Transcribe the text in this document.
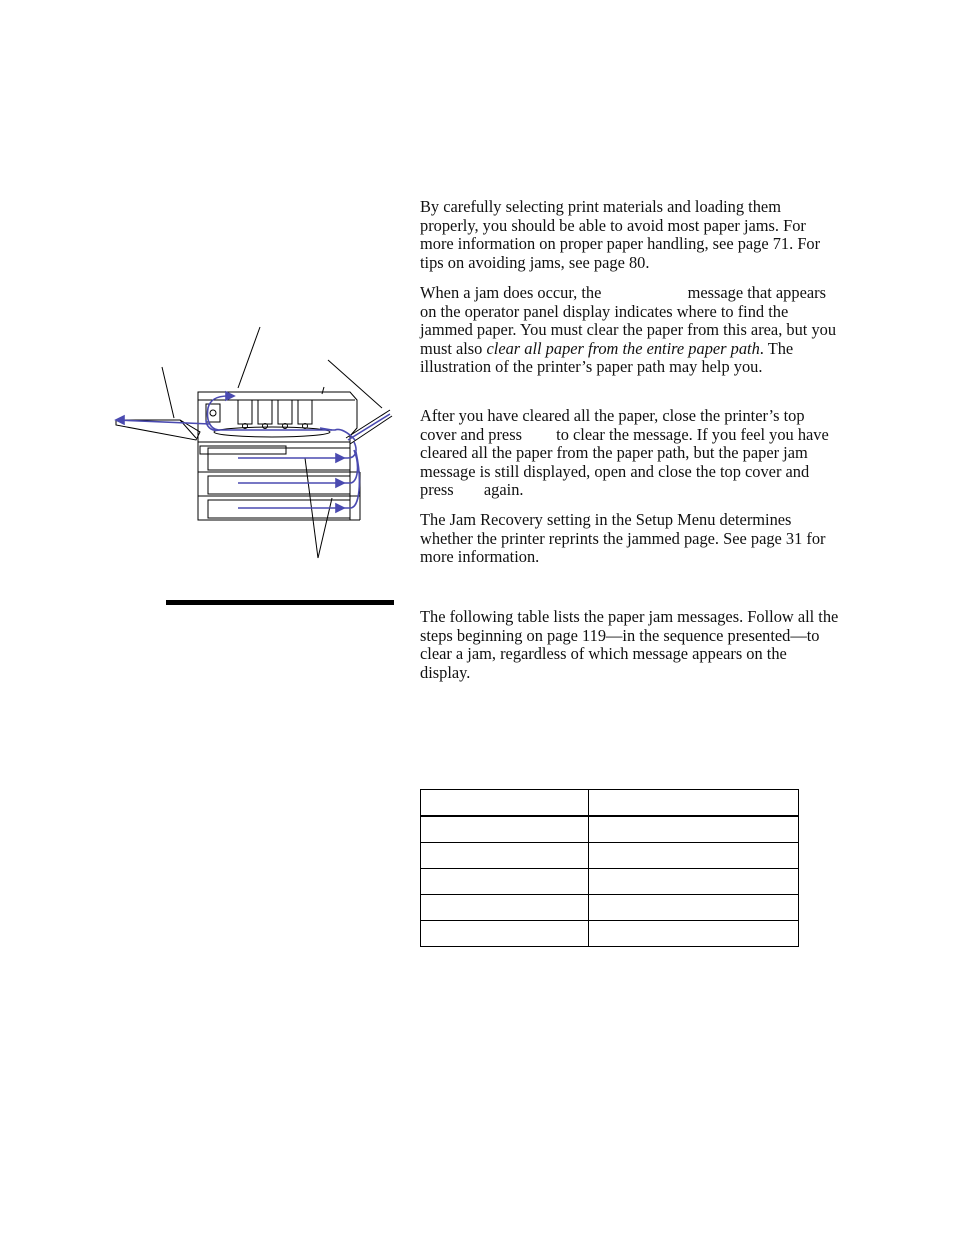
By carefully selecting print materials and loading them properly, you should be able to avoid most paper jams. For more information on proper paper handling, see page 71. For tips on avoiding jams, see page 80.

When a jam does occur, the	message that appears on the operator panel display indicates where to find the jammed paper. You must clear the paper from this area, but you must also clear all paper from the entire paper path. The illustration of the printer’s paper path may help you.

After you have cleared all the paper, close the printer’s top cover and press to clear the message. If you feel you have cleared all the paper from the paper path, but the paper jam message is still displayed, open and close the top cover and press again.

The Jam Recovery setting in the Setup Menu determines whether the printer reprints the jammed page. See page 31 for more information.

The following table lists the paper jam messages. Follow all the steps beginning on page 119—in the sequence presented—to clear a jam, regardless of which message appears on the display.
